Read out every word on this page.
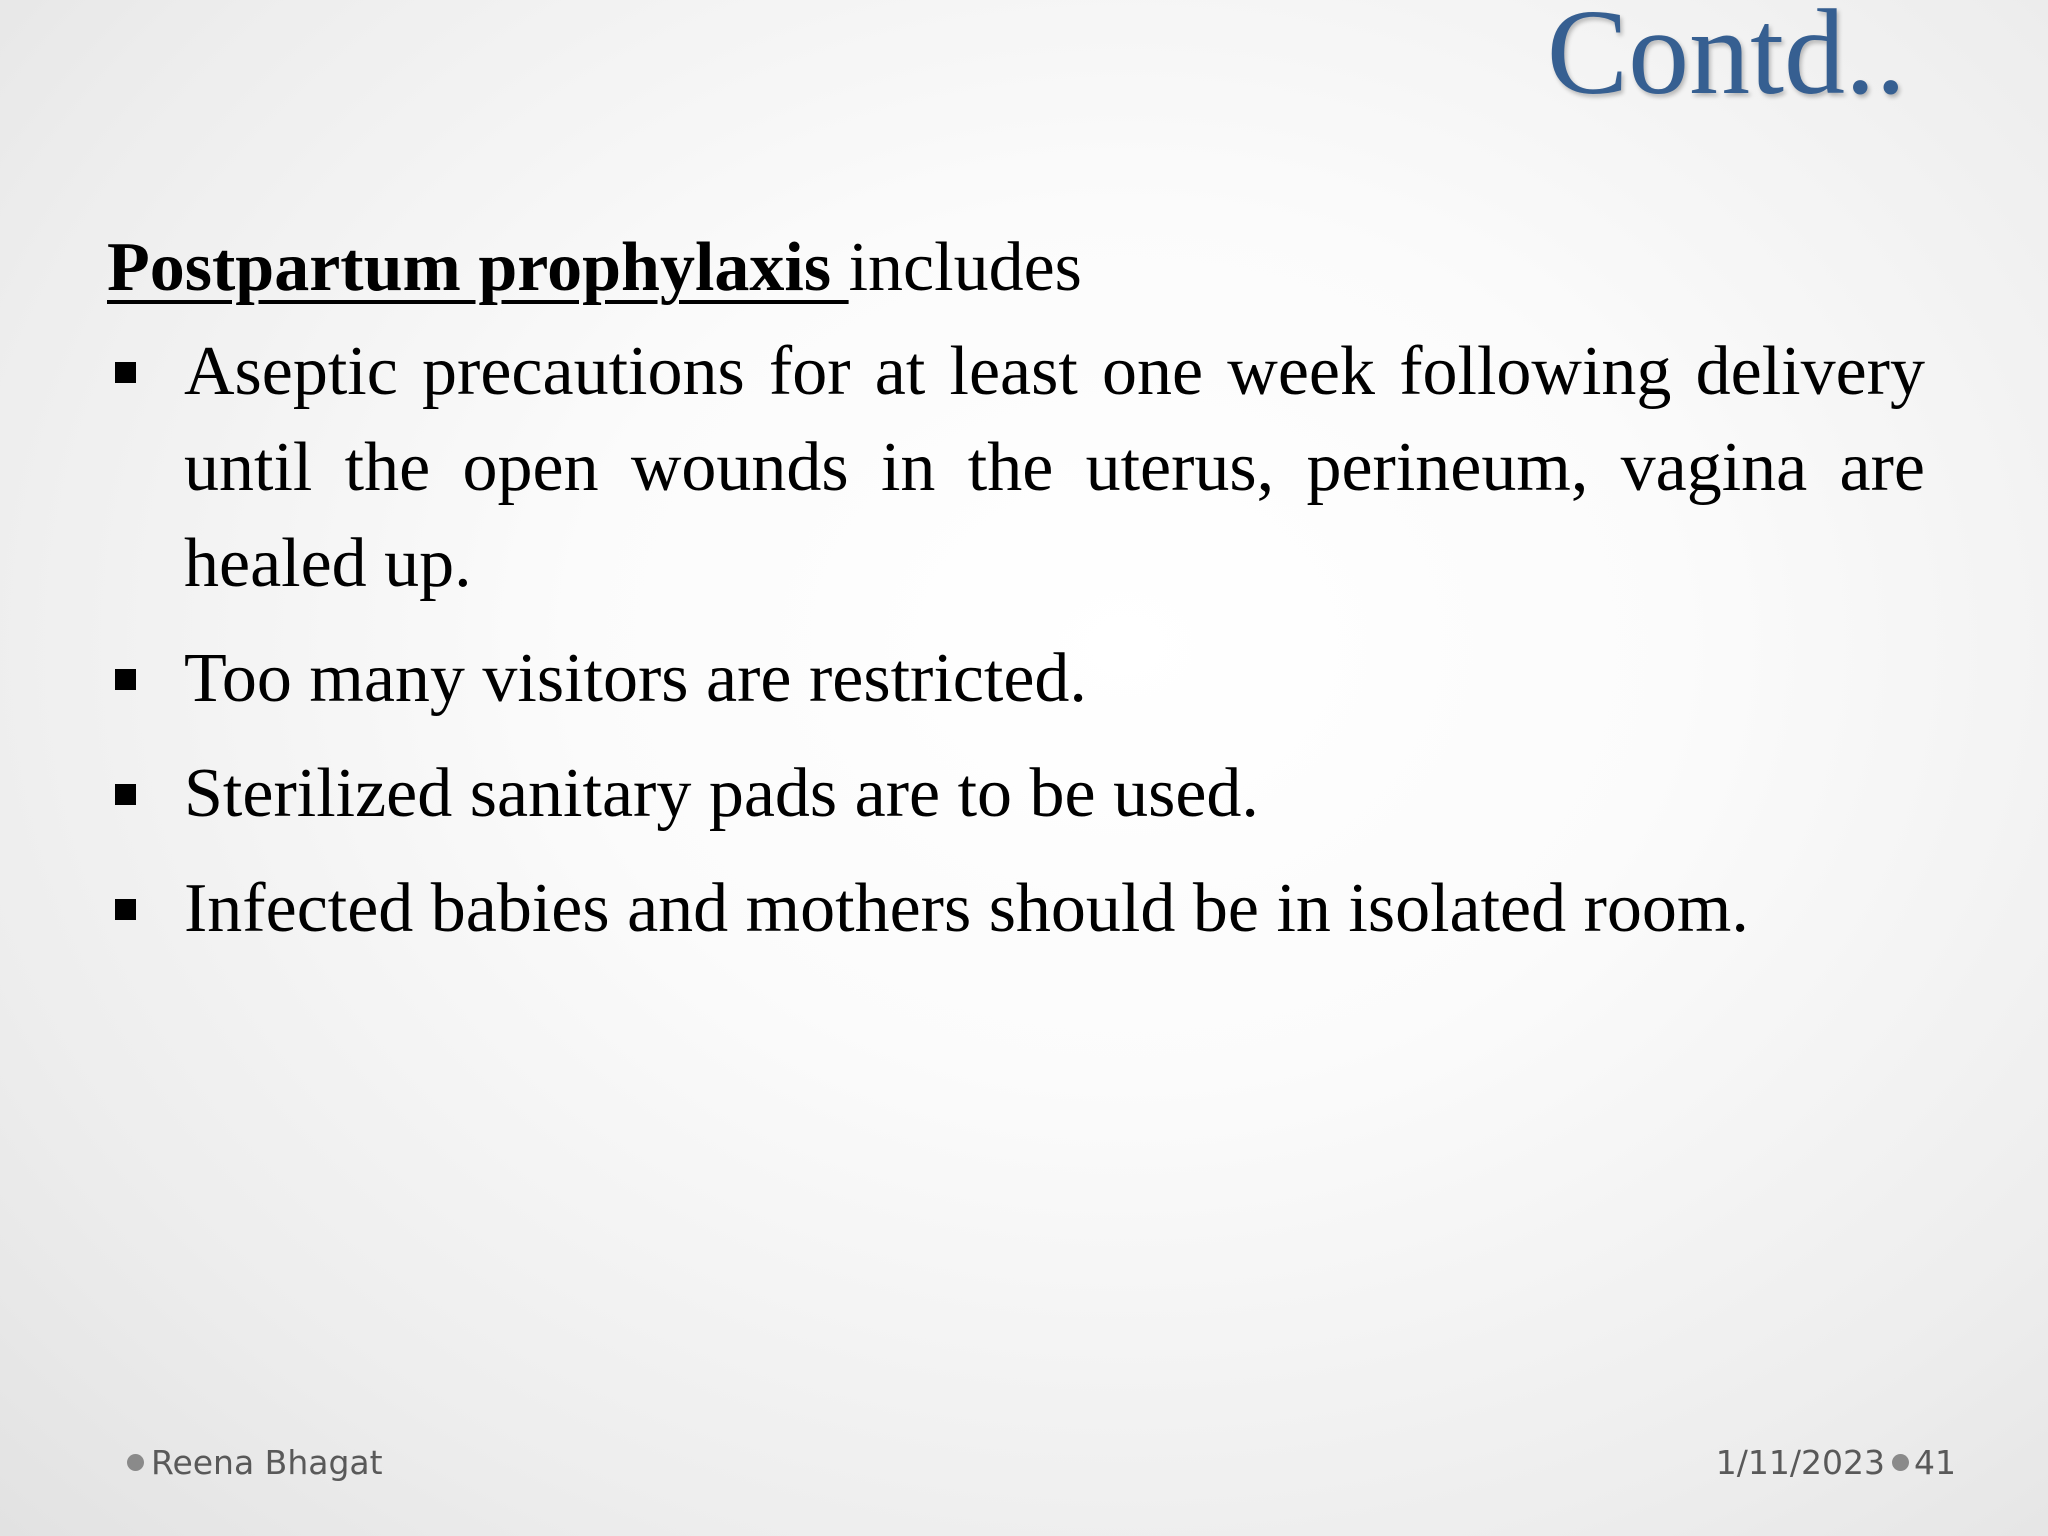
Contd..

Postpartum prophylaxis includes

Aseptic precautions for at least one week following delivery until the open wounds in the uterus, perineum, vagina are healed up.
Too many visitors are restricted.
Sterilized sanitary pads are to be used.
Infected babies and mothers should be in isolated room.
Reena Bhagat	1/11/2023 41
